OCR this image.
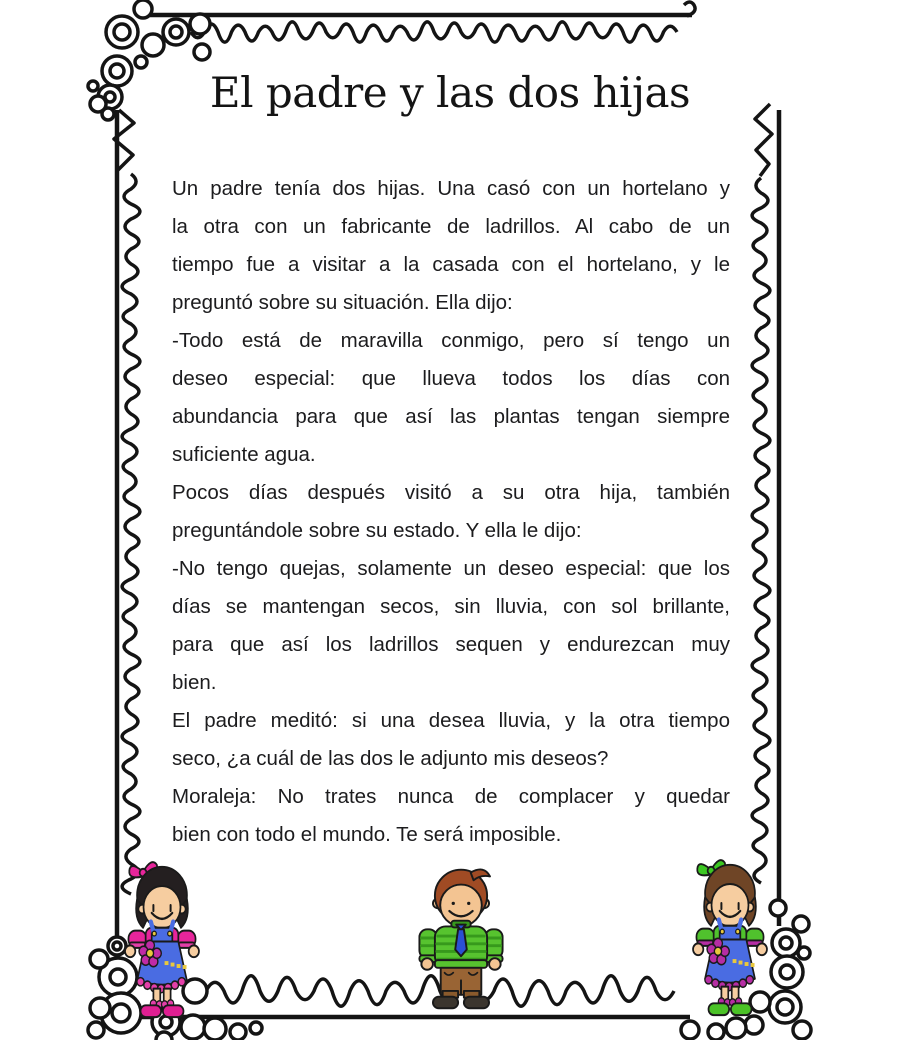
El padre y las dos hijas
Un padre tenía dos hijas. Una casó con un hortelano y
la otra con un fabricante de ladrillos. Al cabo de un
tiempo fue a visitar a la casada con el hortelano, y le
preguntó sobre su situación. Ella dijo:
-Todo está de maravilla conmigo, pero sí tengo un
deseo especial: que llueva todos los días con
abundancia para que así las plantas tengan siempre
suficiente agua.
Pocos días después visitó a su otra hija, también
preguntándole sobre su estado. Y ella le dijo:
-No tengo quejas, solamente un deseo especial: que los
días se mantengan secos, sin lluvia, con sol brillante,
para que así los ladrillos sequen y endurezcan muy
bien.
El padre meditó: si una desea lluvia, y la otra tiempo
seco, ¿a cuál de las dos le adjunto mis deseos?
Moraleja: No trates nunca de complacer y quedar
bien con todo el mundo. Te será imposible.
